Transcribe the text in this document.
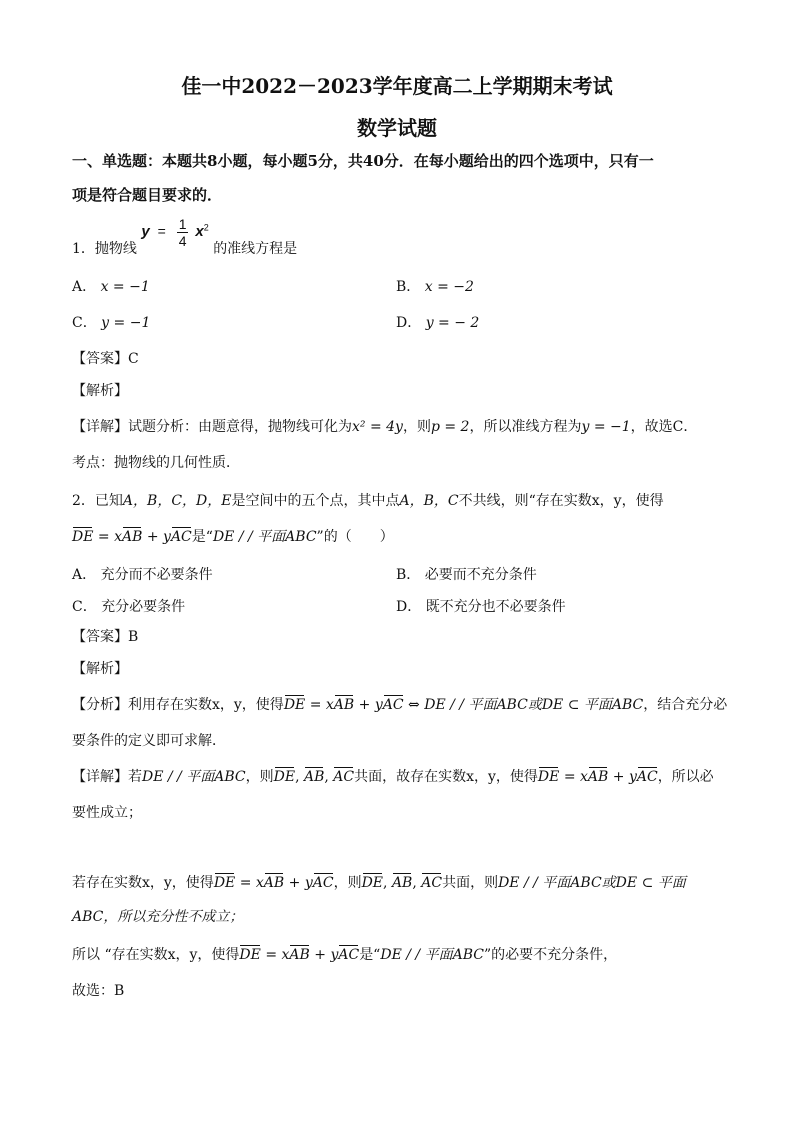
佳一中2022－2023学年度高二上学期期末考试
数学试题
一、单选题：本题共8小题，每小题5分，共40分．在每小题给出的四个选项中，只有一
项是符合题目要求的．
1．抛物线 $y = \frac{1}{4} x^2$ 的准线方程是
A． x = −1	B． x = −2
C． y = −1	D． y = − 2
【答案】C
【解析】
【详解】试题分析：由题意得，抛物线可化为x² = 4y，则p = 2，所以准线方程为y = −1，故选C．
考点：抛物线的几何性质．
2．已知A，B，C，D，E是空间中的五个点，其中点A，B，C不共线，则“存在实数x，y，使得
DE = xAB + yAC是“DE / / 平面ABC”的（　　）
A． 充分而不必要条件	B． 必要而不充分条件
C． 充分必要条件	D． 既不充分也不必要条件
【答案】B
【解析】
【分析】利用存在实数x，y，使得DE = xAB + yAC ⇔ DE / / 平面ABC或DE ⊂ 平面ABC，结合充分必
要条件的定义即可求解．
【详解】若DE / / 平面ABC，则DE, AB, AC共面，故存在实数x，y，使得DE = xAB + yAC，所以必
要性成立；
若存在实数x，y，使得DE = xAB + yAC，则DE, AB, AC共面，则DE / / 平面ABC或DE ⊂ 平面
ABC，所以充分性不成立；
所以 “存在实数x，y，使得DE = xAB + yAC是“DE / / 平面ABC”的必要不充分条件，
故选：B
